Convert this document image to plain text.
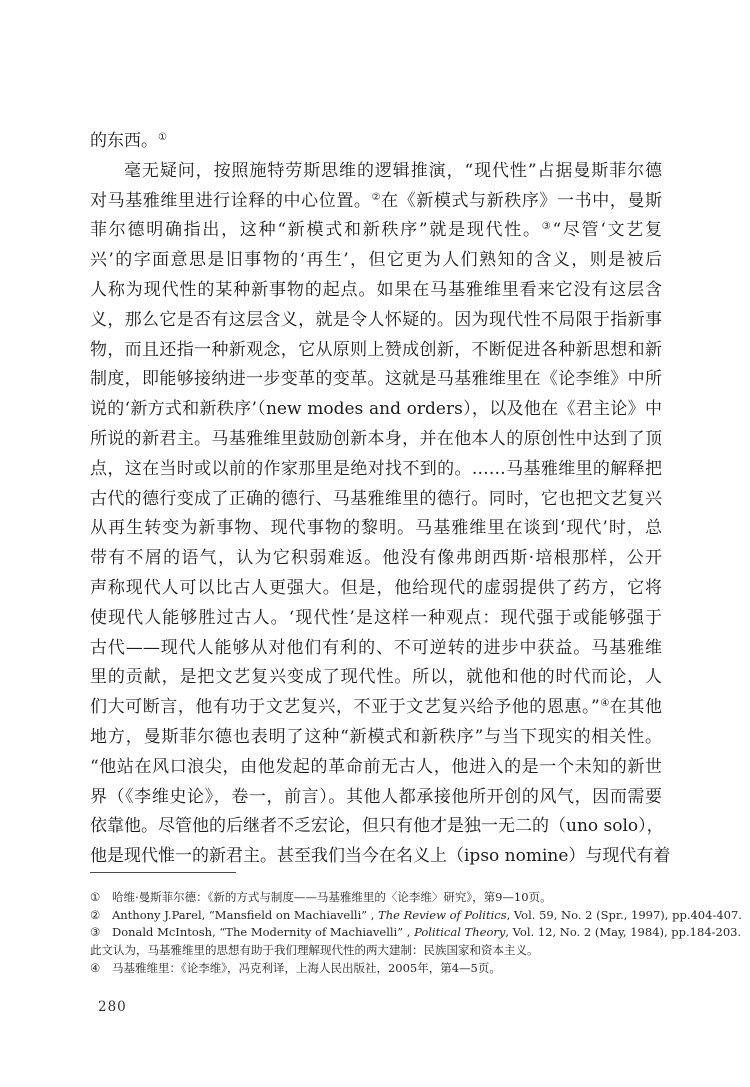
的东西。①
毫无疑问，按照施特劳斯思维的逻辑推演，“现代性”占据曼斯菲尔德
对马基雅维里进行诠释的中心位置。②在《新模式与新秩序》一书中，曼斯
菲尔德明确指出，这种“新模式和新秩序”就是现代性。③“尽管‘文艺复
兴’的字面意思是旧事物的‘再生’，但它更为人们熟知的含义，则是被后
人称为现代性的某种新事物的起点。如果在马基雅维里看来它没有这层含
义，那么它是否有这层含义，就是令人怀疑的。因为现代性不局限于指新事
物，而且还指一种新观念，它从原则上赞成创新，不断促进各种新思想和新
制度，即能够接纳进一步变革的变革。这就是马基雅维里在《论李维》中所
说的‘新方式和新秩序’（new modes and orders），以及他在《君主论》中
所说的新君主。马基雅维里鼓励创新本身，并在他本人的原创性中达到了顶
点，这在当时或以前的作家那里是绝对找不到的。……马基雅维里的解释把
古代的德行变成了正确的德行、马基雅维里的德行。同时，它也把文艺复兴
从再生转变为新事物、现代事物的黎明。马基雅维里在谈到‘现代’时，总
带有不屑的语气，认为它积弱难返。他没有像弗朗西斯·培根那样，公开
声称现代人可以比古人更强大。但是，他给现代的虚弱提供了药方，它将
使现代人能够胜过古人。‘现代性’是这样一种观点：现代强于或能够强于
古代——现代人能够从对他们有利的、不可逆转的进步中获益。马基雅维
里的贡献，是把文艺复兴变成了现代性。所以，就他和他的时代而论，人
们大可断言，他有功于文艺复兴，不亚于文艺复兴给予他的恩惠。”④在其他
地方，曼斯菲尔德也表明了这种“新模式和新秩序”与当下现实的相关性。
“他站在风口浪尖，由他发起的革命前无古人，他进入的是一个未知的新世
界（《李维史论》，卷一，前言）。其他人都承接他所开创的风气，因而需要
依靠他。尽管他的后继者不乏宏论，但只有他才是独一无二的（uno solo），
他是现代惟一的新君主。甚至我们当今在名义上（ipso nomine）与现代有着
① 哈维·曼斯菲尔德：《新的方式与制度——马基雅维里的〈论李维〉研究》，第9—10页。
② Anthony J.Parel, “Mansfield on Machiavelli” , The Review of Politics, Vol. 59, No. 2 (Spr., 1997), pp.404-407.
③ Donald McIntosh, “The Modernity of Machiavelli” , Political Theory, Vol. 12, No. 2 (May, 1984), pp.184-203.
此文认为，马基雅维里的思想有助于我们理解现代性的两大建制：民族国家和资本主义。
④ 马基雅维里：《论李维》，冯克利译，上海人民出版社，2005年，第4—5页。
280
